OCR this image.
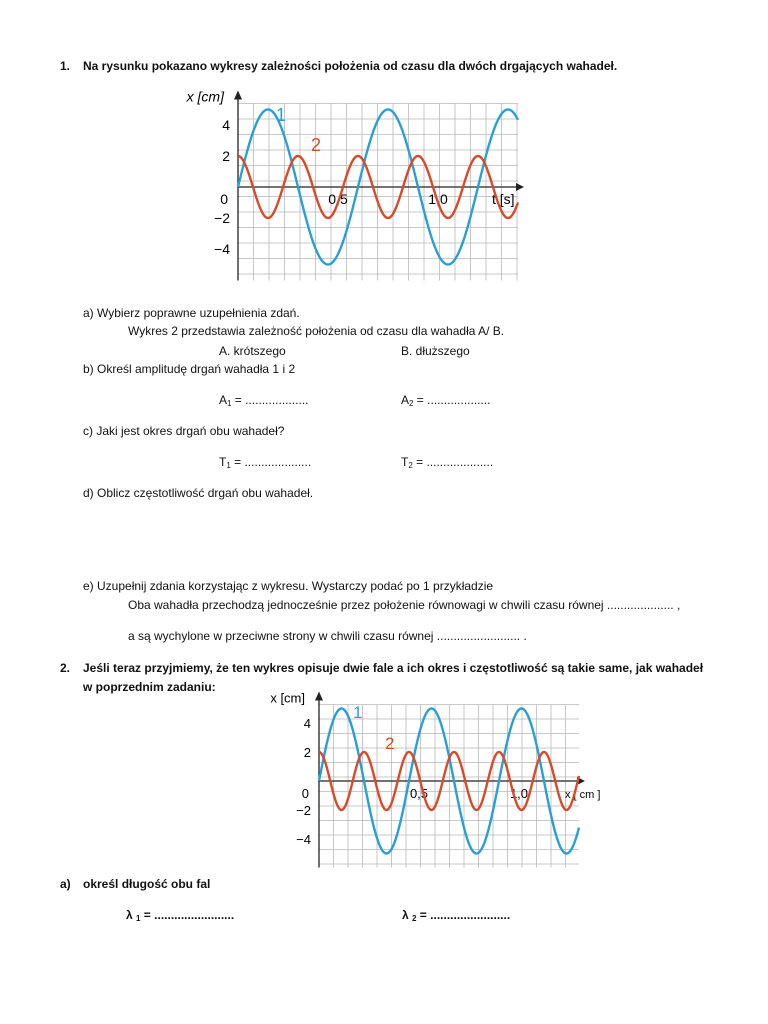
1. Na rysunku pokazano wykresy zależności położenia od czasu dla dwóch drgających wahadeł.
4
2
−2
−4
0	0,5	1,0
x [cm]
t [s]
1
2
a) Wybierz poprawne uzupełnienia zdań.
Wykres 2 przedstawia zależność położenia od czasu dla wahadła A/ B.
A. krótszego	B. dłuższego
b) Określ amplitudę drgań wahadła 1 i 2
$A_1$ = ...................	$A_2$ = ...................
c) Jaki jest okres drgań obu wahadeł?
$T_1$ = ....................	$T_2$ = ....................
d) Oblicz częstotliwość drgań obu wahadeł.
e) Uzupełnij zdania korzystając z wykresu. Wystarczy podać po 1 przykładzie
Oba wahadła przechodzą jednocześnie przez położenie równowagi w chwili czasu równej .................... ,
a są wychylone w przeciwne strony w chwili czasu równej ......................... .
2. Jeśli teraz przyjmiemy, że ten wykres opisuje dwie fale a ich okres i częstotliwość są takie same, jak wahadeł
w poprzednim zadaniu:
4
2
−2
−4
0	0,5	1,0
x [cm]
x [ cm ]
1
2
a) określ długość obu fal
λ $_1$ = ........................	λ $_2$ = ........................
